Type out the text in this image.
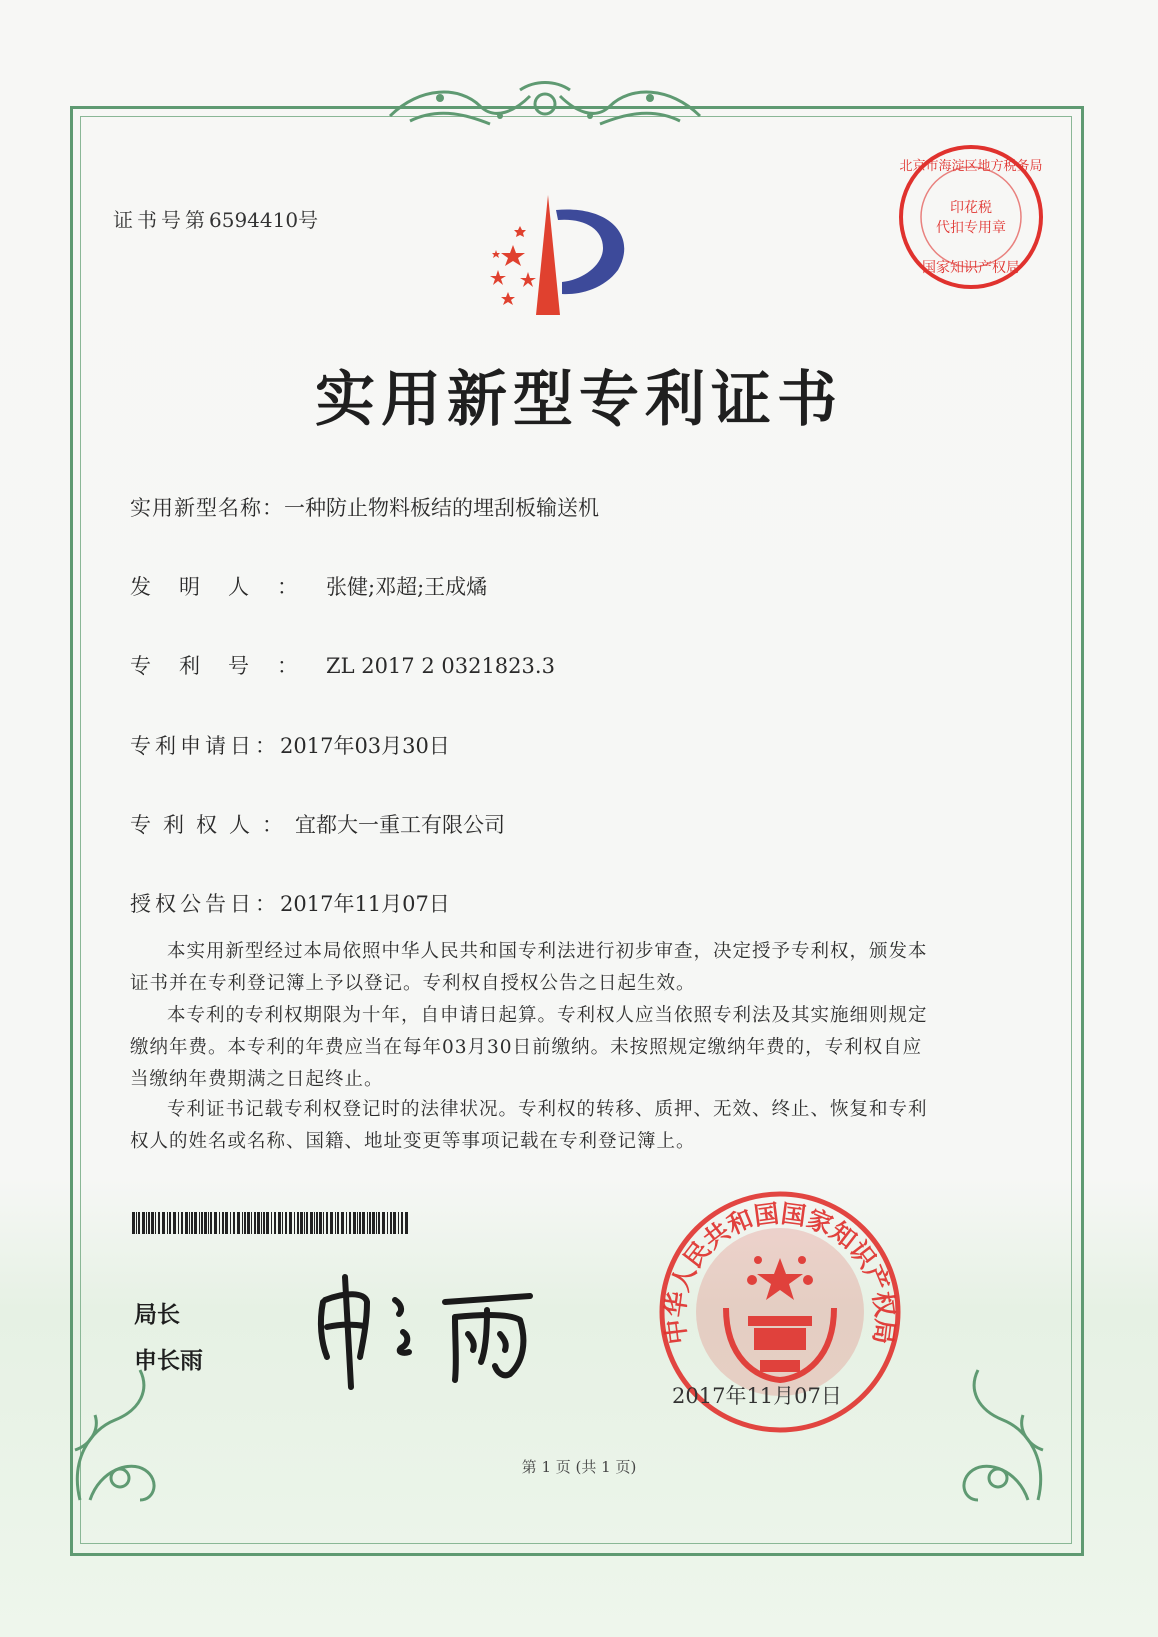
证书号第6594410号
北京市海淀区地方税务局
印花税
代扣专用章
国家知识产权局
实用新型专利证书
实用新型名称：一种防止物料板结的埋刮板输送机
发明人：张健;邓超;王成燏
专利号：ZL 2017 2 0321823.3
专利申请日：2017年03月30日
专利权人：宜都大一重工有限公司
授权公告日：2017年11月07日
本实用新型经过本局依照中华人民共和国专利法进行初步审查，决定授予专利权，颁发本证书并在专利登记簿上予以登记。专利权自授权公告之日起生效。
本专利的专利权期限为十年，自申请日起算。专利权人应当依照专利法及其实施细则规定缴纳年费。本专利的年费应当在每年03月30日前缴纳。未按照规定缴纳年费的，专利权自应当缴纳年费期满之日起终止。
专利证书记载专利权登记时的法律状况。专利权的转移、质押、无效、终止、恢复和专利权人的姓名或名称、国籍、地址变更等事项记载在专利登记簿上。
局长
申长雨
中华人民共和国国家知识产权局
2017年11月07日
第 1 页 (共 1 页)
